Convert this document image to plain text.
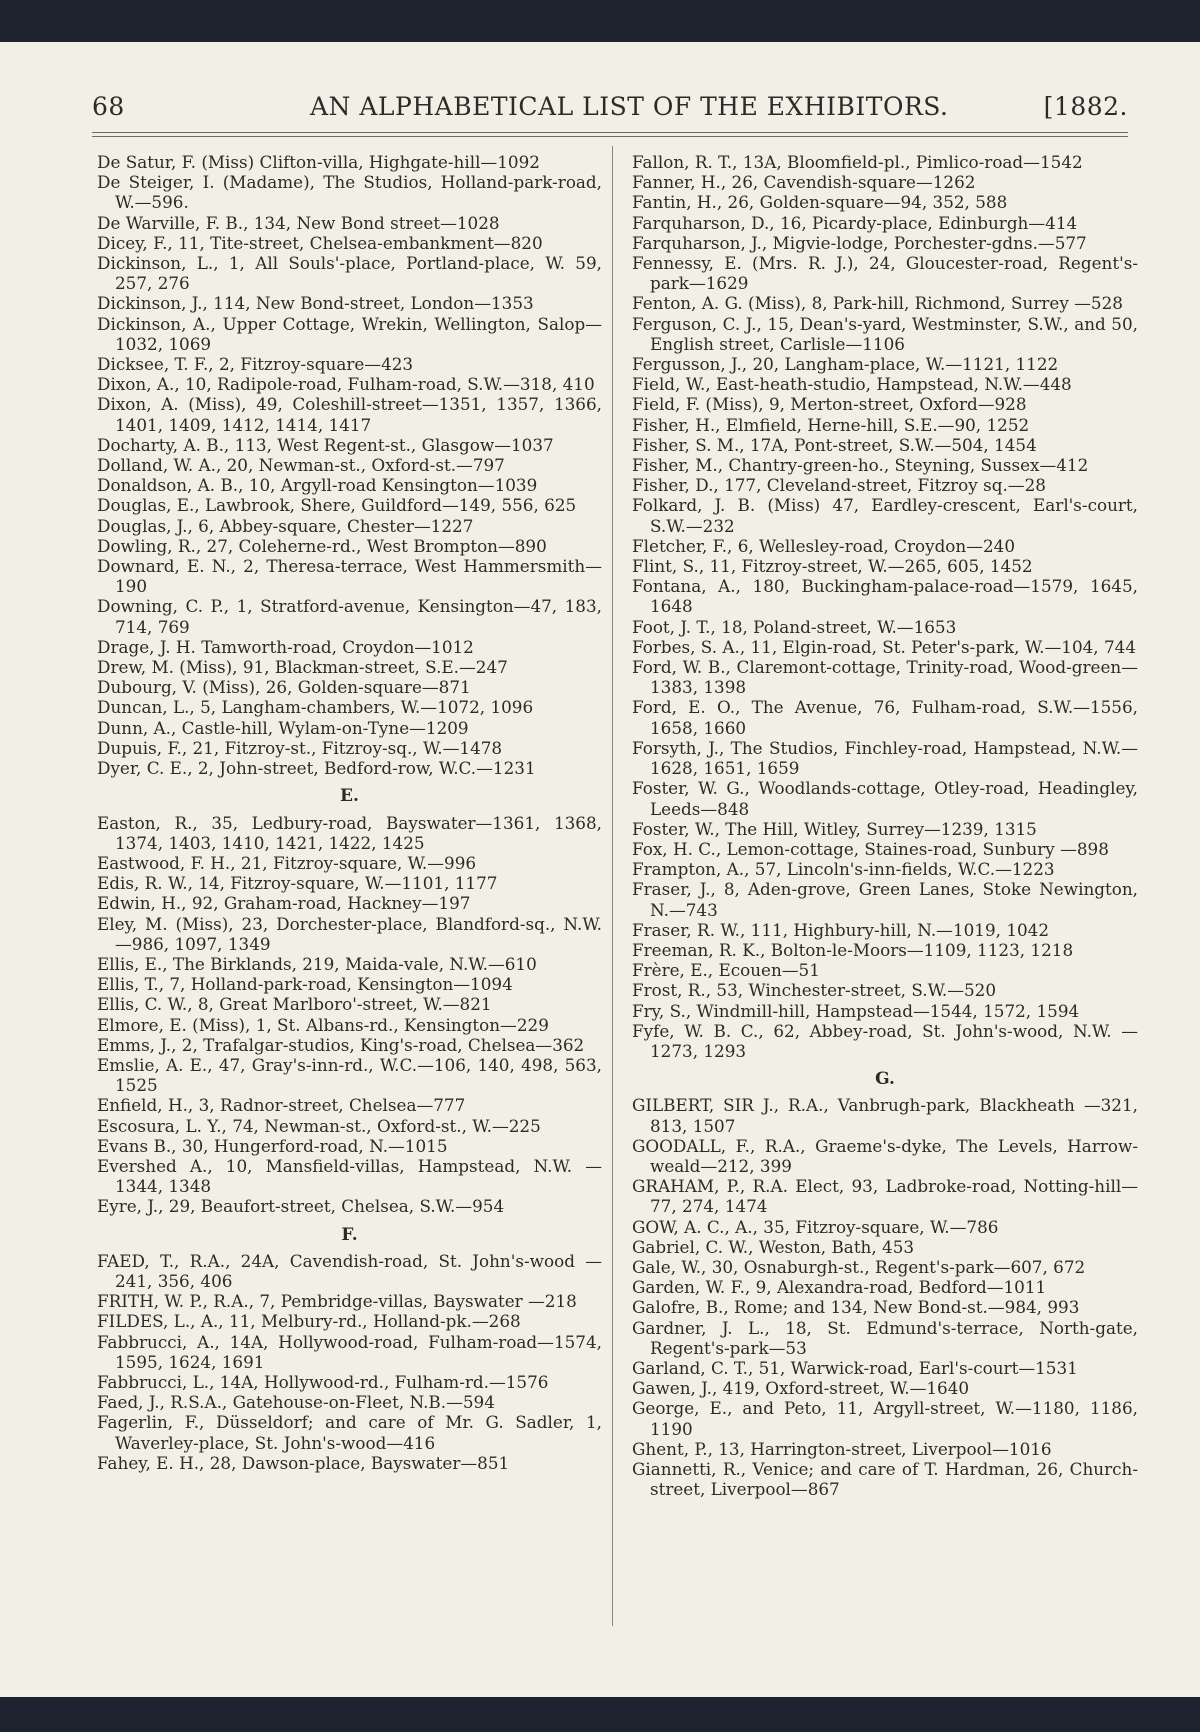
68	AN ALPHABETICAL LIST OF THE EXHIBITORS.	[1882.

De Satur, F. (Miss) Clifton-villa, Highgate-hill—1092

De Steiger, I. (Madame), The Studios, Holland-park-road, W.—596.

De Warville, F. B., 134, New Bond street—1028

Dicey, F., 11, Tite-street, Chelsea-embankment—820

Dickinson, L., 1, All Souls'-place, Portland-place, W. 59, 257, 276

Dickinson, J., 114, New Bond-street, London—1353

Dickinson, A., Upper Cottage, Wrekin, Wellington, Salop—1032, 1069

Dicksee, T. F., 2, Fitzroy-square—423

Dixon, A., 10, Radipole-road, Fulham-road, S.W.—318, 410

Dixon, A. (Miss), 49, Coleshill-street—1351, 1357, 1366, 1401, 1409, 1412, 1414, 1417

Docharty, A. B., 113, West Regent-st., Glasgow—1037

Dolland, W. A., 20, Newman-st., Oxford-st.—797

Donaldson, A. B., 10, Argyll-road Kensington—1039

Douglas, E., Lawbrook, Shere, Guildford—149, 556, 625

Douglas, J., 6, Abbey-square, Chester—1227

Dowling, R., 27, Coleherne-rd., West Brompton—890

Downard, E. N., 2, Theresa-terrace, West Hammersmith—190

Downing, C. P., 1, Stratford-avenue, Kensington—47, 183, 714, 769

Drage, J. H. Tamworth-road, Croydon—1012

Drew, M. (Miss), 91, Blackman-street, S.E.—247

Dubourg, V. (Miss), 26, Golden-square—871

Duncan, L., 5, Langham-chambers, W.—1072, 1096

Dunn, A., Castle-hill, Wylam-on-Tyne—1209

Dupuis, F., 21, Fitzroy-st., Fitzroy-sq., W.—1478

Dyer, C. E., 2, John-street, Bedford-row, W.C.—1231

E.

Easton, R., 35, Ledbury-road, Bayswater—1361, 1368, 1374, 1403, 1410, 1421, 1422, 1425

Eastwood, F. H., 21, Fitzroy-square, W.—996

Edis, R. W., 14, Fitzroy-square, W.—1101, 1177

Edwin, H., 92, Graham-road, Hackney—197

Eley, M. (Miss), 23, Dorchester-place, Blandford-sq., N.W.—986, 1097, 1349

Ellis, E., The Birklands, 219, Maida-vale, N.W.—610

Ellis, T., 7, Holland-park-road, Kensington—1094

Ellis, C. W., 8, Great Marlboro'-street, W.—821

Elmore, E. (Miss), 1, St. Albans-rd., Kensington—229

Emms, J., 2, Trafalgar-studios, King's-road, Chelsea—362

Emslie, A. E., 47, Gray's-inn-rd., W.C.—106, 140, 498, 563, 1525

Enfield, H., 3, Radnor-street, Chelsea—777

Escosura, L. Y., 74, Newman-st., Oxford-st., W.—225

Evans B., 30, Hungerford-road, N.—1015

Evershed A., 10, Mansfield-villas, Hampstead, N.W. —1344, 1348

Eyre, J., 29, Beaufort-street, Chelsea, S.W.—954

F.

FAED, T., R.A., 24A, Cavendish-road, St. John's-wood —241, 356, 406

FRITH, W. P., R.A., 7, Pembridge-villas, Bayswater —218

FILDES, L., A., 11, Melbury-rd., Holland-pk.—268

Fabbrucci, A., 14A, Hollywood-road, Fulham-road—1574, 1595, 1624, 1691

Fabbrucci, L., 14A, Hollywood-rd., Fulham-rd.—1576

Faed, J., R.S.A., Gatehouse-on-Fleet, N.B.—594

Fagerlin, F., Düsseldorf; and care of Mr. G. Sadler, 1, Waverley-place, St. John's-wood—416

Fahey, E. H., 28, Dawson-place, Bayswater—851

Fallon, R. T., 13A, Bloomfield-pl., Pimlico-road—1542

Fanner, H., 26, Cavendish-square—1262

Fantin, H., 26, Golden-square—94, 352, 588

Farquharson, D., 16, Picardy-place, Edinburgh—414

Farquharson, J., Migvie-lodge, Porchester-gdns.—577

Fennessy, E. (Mrs. R. J.), 24, Gloucester-road, Regent's-park—1629

Fenton, A. G. (Miss), 8, Park-hill, Richmond, Surrey —528

Ferguson, C. J., 15, Dean's-yard, Westminster, S.W., and 50, English street, Carlisle—1106

Fergusson, J., 20, Langham-place, W.—1121, 1122

Field, W., East-heath-studio, Hampstead, N.W.—448

Field, F. (Miss), 9, Merton-street, Oxford—928

Fisher, H., Elmfield, Herne-hill, S.E.—90, 1252

Fisher, S. M., 17A, Pont-street, S.W.—504, 1454

Fisher, M., Chantry-green-ho., Steyning, Sussex—412

Fisher, D., 177, Cleveland-street, Fitzroy sq.—28

Folkard, J. B. (Miss) 47, Eardley-crescent, Earl's-court, S.W.—232

Fletcher, F., 6, Wellesley-road, Croydon—240

Flint, S., 11, Fitzroy-street, W.—265, 605, 1452

Fontana, A., 180, Buckingham-palace-road—1579, 1645, 1648

Foot, J. T., 18, Poland-street, W.—1653

Forbes, S. A., 11, Elgin-road, St. Peter's-park, W.—104, 744

Ford, W. B., Claremont-cottage, Trinity-road, Wood-green—1383, 1398

Ford, E. O., The Avenue, 76, Fulham-road, S.W.—1556, 1658, 1660

Forsyth, J., The Studios, Finchley-road, Hampstead, N.W.—1628, 1651, 1659

Foster, W. G., Woodlands-cottage, Otley-road, Headingley, Leeds—848

Foster, W., The Hill, Witley, Surrey—1239, 1315

Fox, H. C., Lemon-cottage, Staines-road, Sunbury —898

Frampton, A., 57, Lincoln's-inn-fields, W.C.—1223

Fraser, J., 8, Aden-grove, Green Lanes, Stoke Newington, N.—743

Fraser, R. W., 111, Highbury-hill, N.—1019, 1042

Freeman, R. K., Bolton-le-Moors—1109, 1123, 1218

Frère, E., Ecouen—51

Frost, R., 53, Winchester-street, S.W.—520

Fry, S., Windmill-hill, Hampstead—1544, 1572, 1594

Fyfe, W. B. C., 62, Abbey-road, St. John's-wood, N.W. —1273, 1293

G.

GILBERT, SIR J., R.A., Vanbrugh-park, Blackheath —321, 813, 1507

GOODALL, F., R.A., Graeme's-dyke, The Levels, Harrow-weald—212, 399

GRAHAM, P., R.A. Elect, 93, Ladbroke-road, Notting-hill—77, 274, 1474

GOW, A. C., A., 35, Fitzroy-square, W.—786

Gabriel, C. W., Weston, Bath, 453

Gale, W., 30, Osnaburgh-st., Regent's-park—607, 672

Garden, W. F., 9, Alexandra-road, Bedford—1011

Galofre, B., Rome; and 134, New Bond-st.—984, 993

Gardner, J. L., 18, St. Edmund's-terrace, North-gate, Regent's-park—53

Garland, C. T., 51, Warwick-road, Earl's-court—1531

Gawen, J., 419, Oxford-street, W.—1640

George, E., and Peto, 11, Argyll-street, W.—1180, 1186, 1190

Ghent, P., 13, Harrington-street, Liverpool—1016

Giannetti, R., Venice; and care of T. Hardman, 26, Church-street, Liverpool—867
